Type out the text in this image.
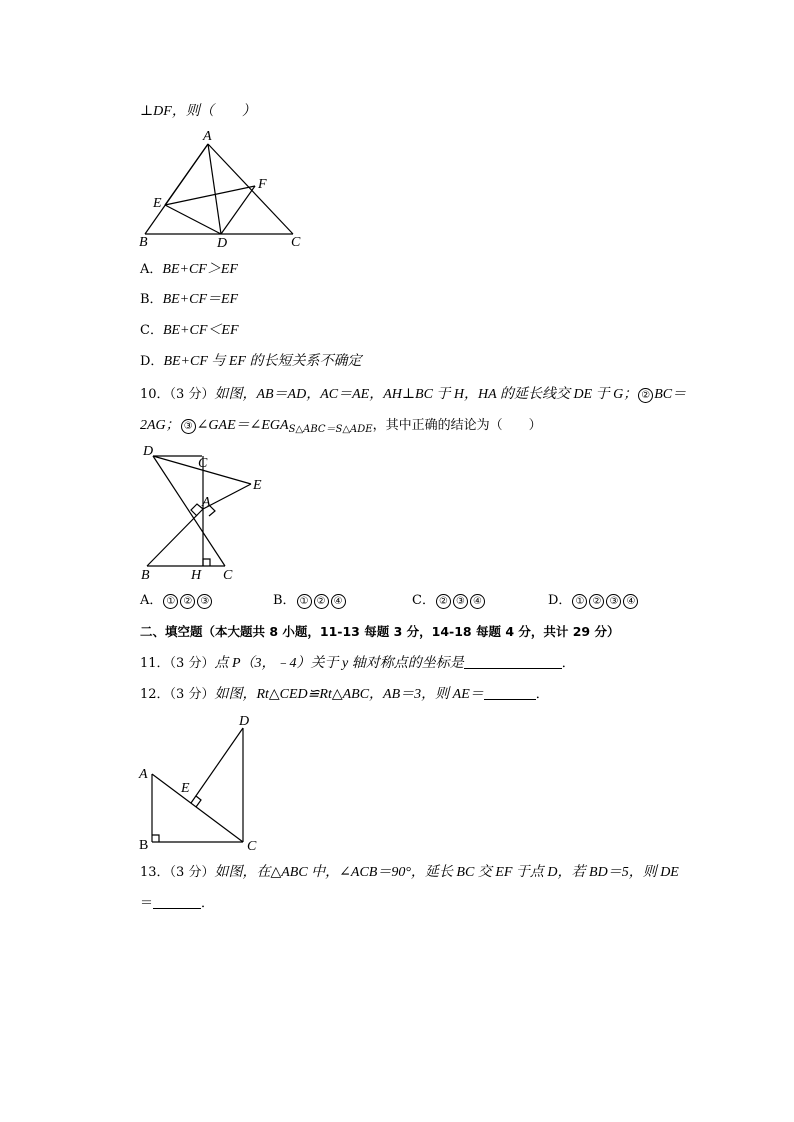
⊥DF，则（　　）
A
B	C
D
E
F
A．BE+CF＞EF
B．BE+CF＝EF
C．BE+CF＜EF
D．BE+CF 与 EF 的长短关系不确定
10．（3 分）如图，AB＝AD，AC＝AE，AH⊥BC 于 H，HA 的延长线交 DE 于 G； ② BC＝
2AG； ③ $\angle GAE=\angle EGA_{S\triangle ABC=S\triangle ADE}$，其中正确的结论为（　　）
D
C
E
A
B	H C
A． ① ② ③	B． ① ② ④	C． ② ③ ④	D． ① ② ③ ④
二、填空题（本大题共 8 小题，11-13 每题 3 分，14-18 每题 4 分，共计 29 分）
11．（3 分）点 P（3，﹣4）关于 y 轴对称点的坐标是	．
12．（3 分）如图，Rt△CED≌Rt△ABC，AB＝3，则 AE＝	．
D
A
E
B	C
13．（3 分）如图，在△ABC 中，∠ACB＝90°，延长 BC 交 EF 于点 D，若 BD＝5，则 DE
＝	．
